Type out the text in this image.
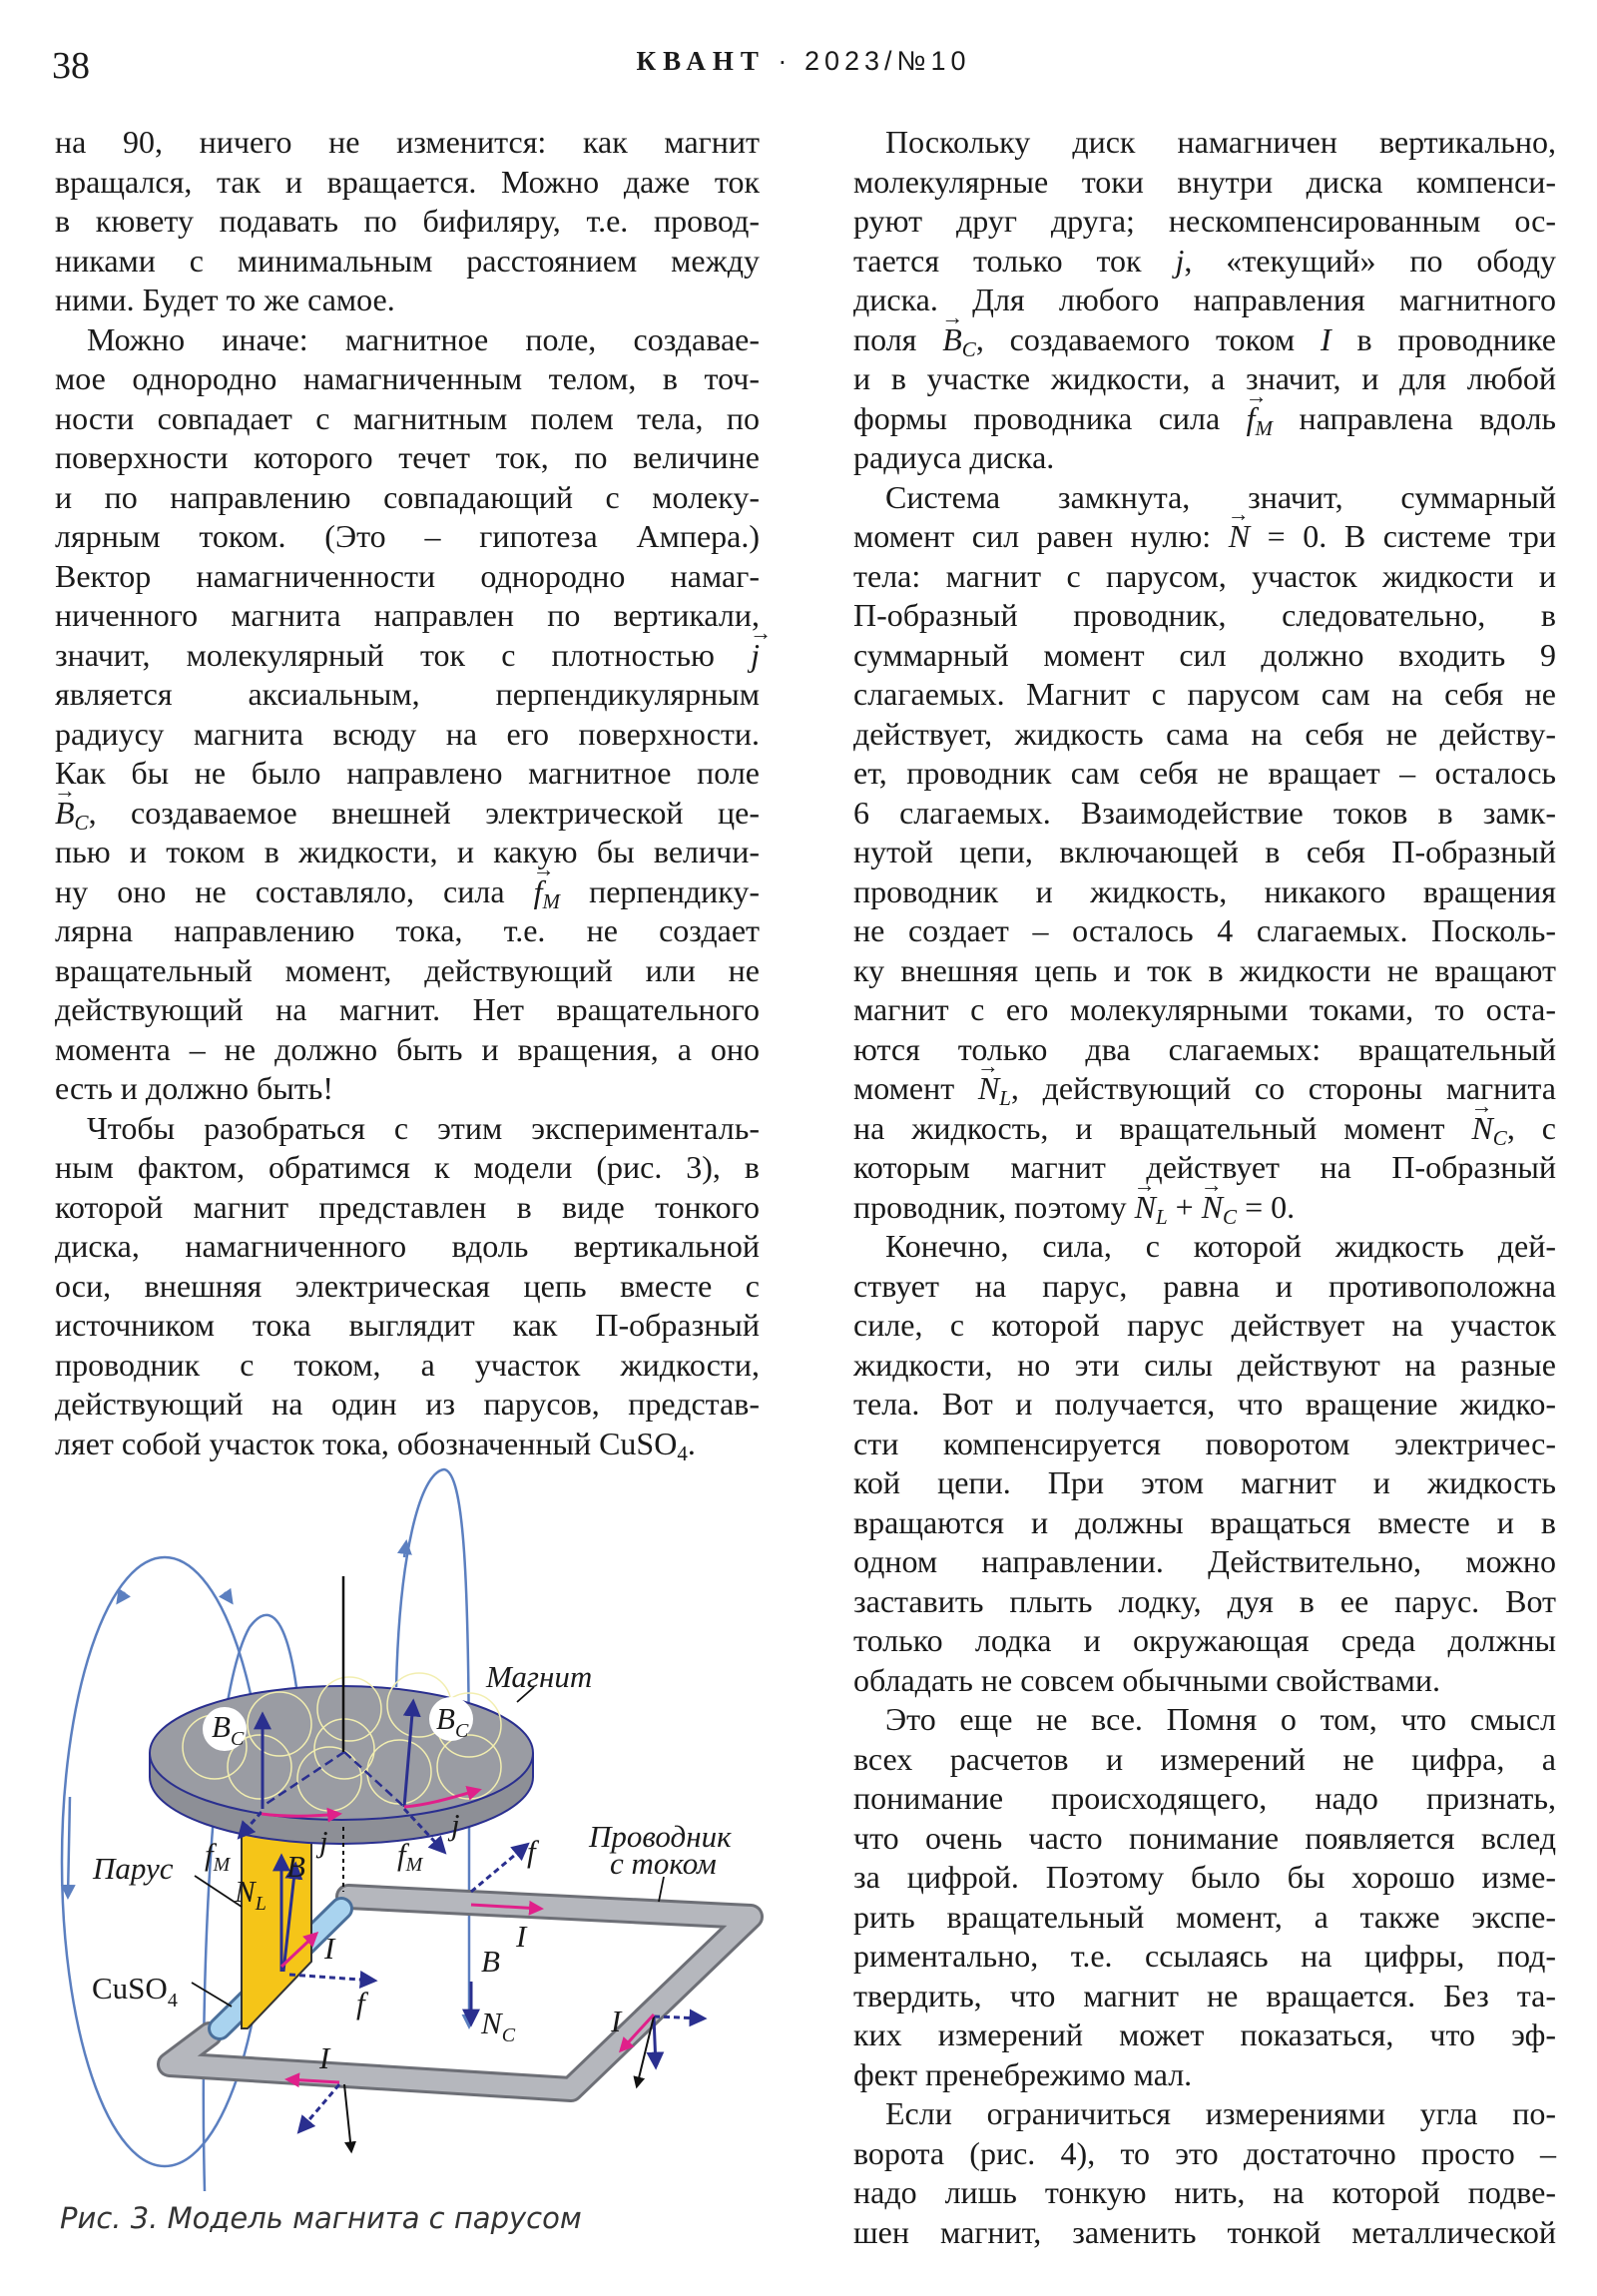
38	КВАНТ · 2023/№10
на 90, ничего не изменится: как магнит
вращался, так и вращается. Можно даже ток
в кювету подавать по бифиляру, т.е. провод-
никами с минимальным расстоянием между
ними. Будет то же самое.
Можно иначе: магнитное поле, создавае-
мое однородно намагниченным телом, в точ-
ности совпадает с магнитным полем тела, по
поверхности которого течет ток, по величине
и по направлению совпадающий с молеку-
лярным током. (Это – гипотеза Ампера.)
Вектор намагниченности однородно намаг-
ниченного магнита направлен по вертикали,
значит, молекулярный ток с плотностью → j
является аксиальным, перпендикулярным
радиусу магнита всюду на его поверхности.
Как бы не было направлено магнитное поле
→ $B_C$, создаваемое внешней электрической це-
пью и током в жидкости, и какую бы величи-
ну оно не составляло, сила → $f_M$ перпендику-
лярна направлению тока, т.е. не создает
вращательный момент, действующий или не
действующий на магнит. Нет вращательного
момента – не должно быть и вращения, а оно
есть и должно быть!
Чтобы разобраться с этим эксперименталь-
ным фактом, обратимся к модели (рис. 3), в
которой магнит представлен в виде тонкого
диска, намагниченного вдоль вертикальной
оси, внешняя электрическая цепь вместе с
источником тока выглядит как П-образный
проводник с током, а участок жидкости,
действующий на один из парусов, представ-
ляет собой участок тока, обозначенный CuSO$_4$.
Поскольку диск намагничен вертикально,
молекулярные токи внутри диска компенси-
руют друг друга; нескомпенсированным ос-
тается только ток j, «текущий» по ободу
диска. Для любого направления магнитного
поля → $B_C$, создаваемого током I в проводнике
и в участке жидкости, а значит, и для любой
формы проводника сила → $f_M$ направлена вдоль
радиуса диска.
Система замкнута, значит, суммарный
момент сил равен нулю: → N = 0. В системе три
тела: магнит с парусом, участок жидкости и
П-образный проводник, следовательно, в
суммарный момент сил должно входить 9
слагаемых. Магнит с парусом сам на себя не
действует, жидкость сама на себя не действу-
ет, проводник сам себя не вращает – осталось
6 слагаемых. Взаимодействие токов в замк-
нутой цепи, включающей в себя П-образный
проводник и жидкость, никакого вращения
не создает – осталось 4 слагаемых. Посколь-
ку внешняя цепь и ток в жидкости не вращают
магнит с его молекулярными токами, то оста-
ются только два слагаемых: вращательный
момент → $N_L$, действующий со стороны магнита
на жидкость, и вращательный момент → $N_C$, с
которым магнит действует на П-образный
проводник, поэтому → $N_L$ + → $N_C = 0$.
Конечно, сила, с которой жидкость дей-
ствует на парус, равна и противоположна
силе, с которой парус действует на участок
жидкости, но эти силы действуют на разные
тела. Вот и получается, что вращение жидко-
сти компенсируется поворотом электричес-
кой цепи. При этом магнит и жидкость
вращаются и должны вращаться вместе и в
одном направлении. Действительно, можно
заставить плыть лодку, дуя в ее парус. Вот
только лодка и окружающая среда должны
обладать не совсем обычными свойствами.
Это еще не все. Помня о том, что смысл
всех расчетов и измерений не цифра, а
понимание происходящего, надо признать,
что очень часто понимание появляется вслед
за цифрой. Поэтому было бы хорошо изме-
рить вращательный момент, а также экспе-
риментально, т.е. ссылаясь на цифры, под-
твердить, что магнит не вращается. Без та-
ких измерений может показаться, что эф-
фект пренебрежимо мал.
Если ограничиться измерениями угла по-
ворота (рис. 4), то это достаточно просто –
надо лишь тонкую нить, на которой подве-
шен магнит, заменить тонкой металлической
Магнит
Проводник
с током
Парус
CuSO$_4$
$B_C$
$B_C$
fM	fM
j	j
$N_L$
B
I
f
f
I
B
$N_C$	I
I
Рис. 3. Модель магнита с парусом
